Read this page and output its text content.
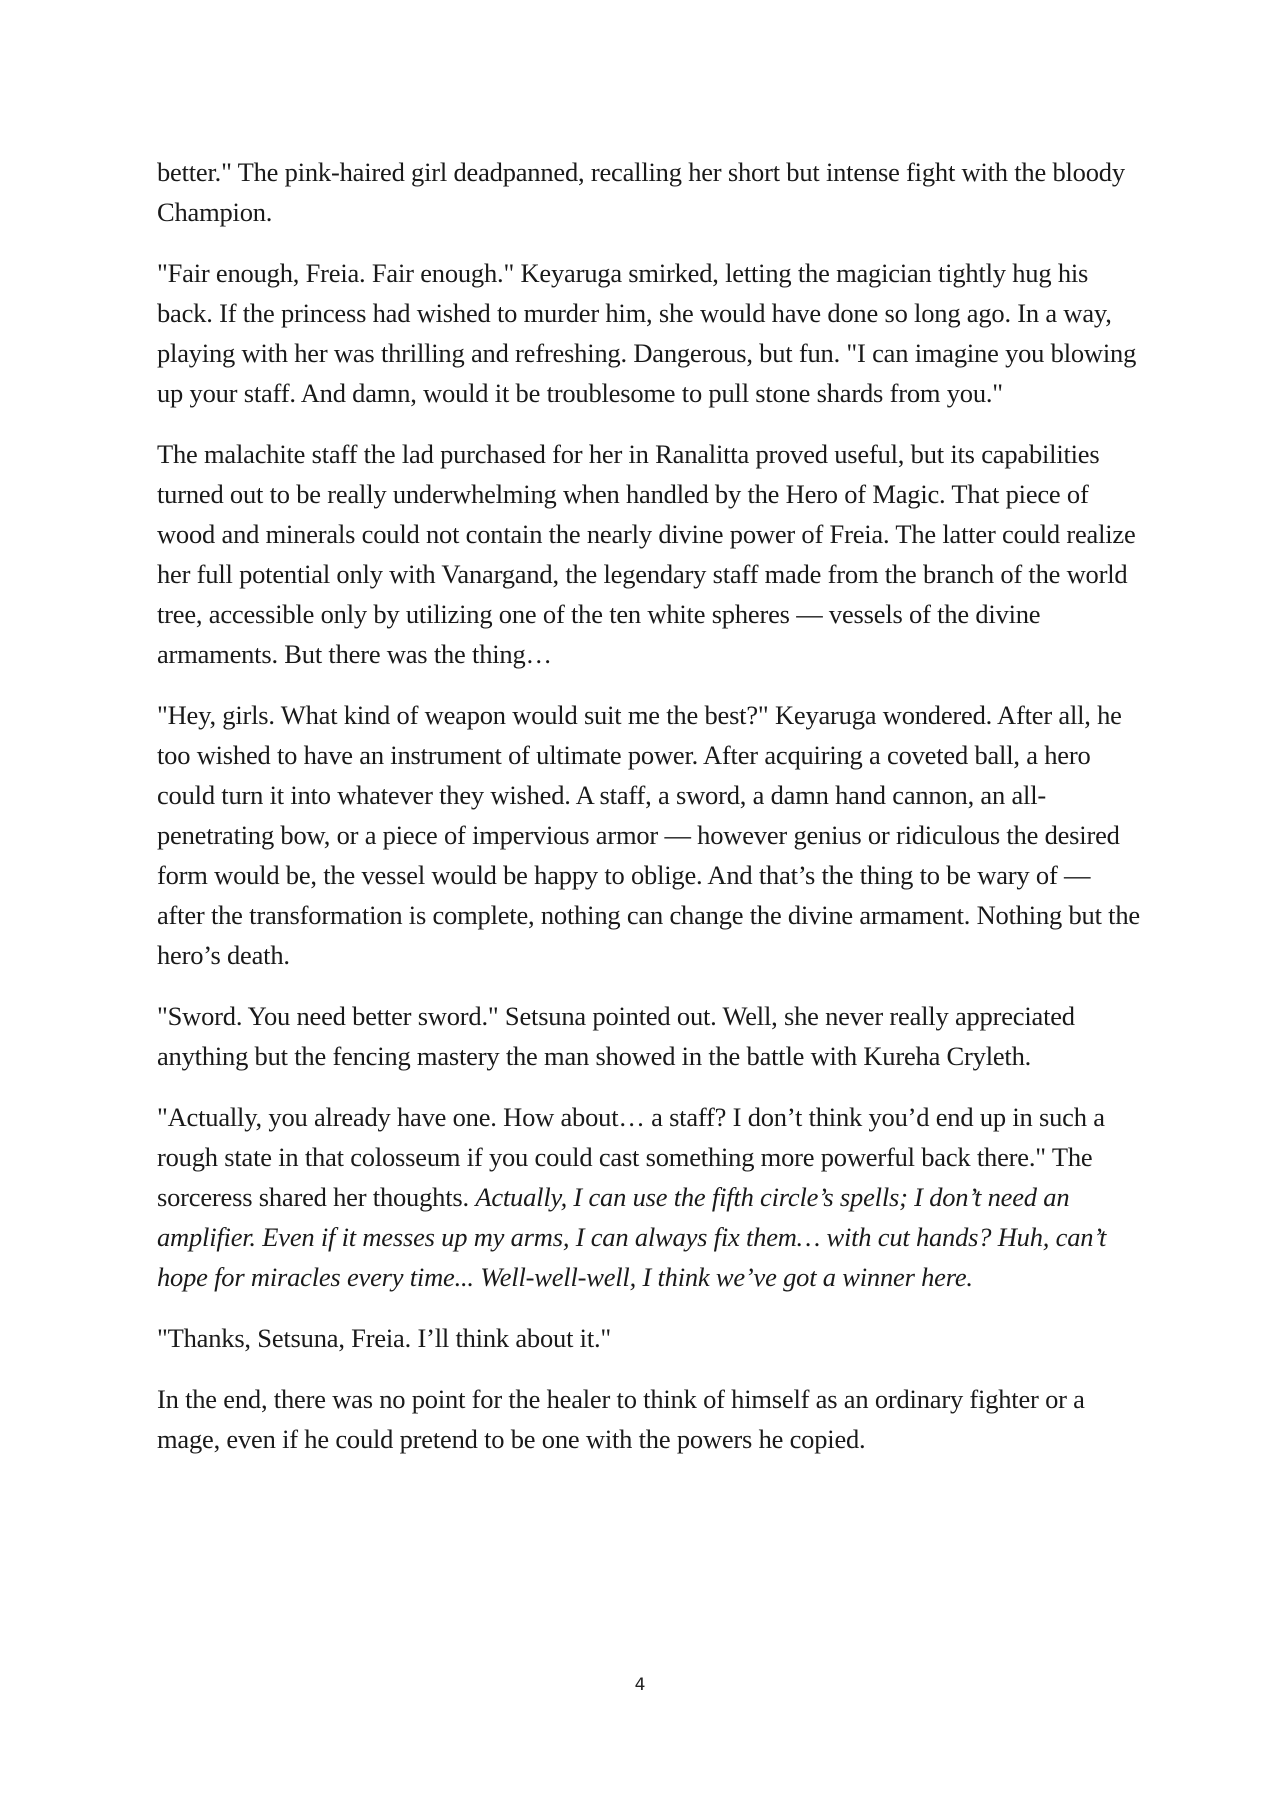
better." The pink-haired girl deadpanned, recalling her short but intense fight with the bloody Champion.

"Fair enough, Freia. Fair enough." Keyaruga smirked, letting the magician tightly hug his back. If the princess had wished to murder him, she would have done so long ago. In a way, playing with her was thrilling and refreshing. Dangerous, but fun. "I can imagine you blowing up your staff. And damn, would it be troublesome to pull stone shards from you."

The malachite staff the lad purchased for her in Ranalitta proved useful, but its capabilities turned out to be really underwhelming when handled by the Hero of Magic. That piece of wood and minerals could not contain the nearly divine power of Freia. The latter could realize her full potential only with Vanargand, the legendary staff made from the branch of the world tree, accessible only by utilizing one of the ten white spheres — vessels of the divine armaments. But there was the thing…

"Hey, girls. What kind of weapon would suit me the best?" Keyaruga wondered. After all, he too wished to have an instrument of ultimate power. After acquiring a coveted ball, a hero could turn it into whatever they wished. A staff, a sword, a damn hand cannon, an all-penetrating bow, or a piece of impervious armor — however genius or ridiculous the desired form would be, the vessel would be happy to oblige. And that’s the thing to be wary of — after the transformation is complete, nothing can change the divine armament. Nothing but the hero’s death.

"Sword. You need better sword." Setsuna pointed out. Well, she never really appreciated anything but the fencing mastery the man showed in the battle with Kureha Cryleth.

"Actually, you already have one. How about… a staff? I don’t think you’d end up in such a rough state in that colosseum if you could cast something more powerful back there." The sorceress shared her thoughts. Actually, I can use the fifth circle’s spells; I don’t need an amplifier. Even if it messes up my arms, I can always fix them… with cut hands? Huh, can’t hope for miracles every time... Well-well-well, I think we’ve got a winner here.

"Thanks, Setsuna, Freia. I’ll think about it."

In the end, there was no point for the healer to think of himself as an ordinary fighter or a mage, even if he could pretend to be one with the powers he copied.

4
